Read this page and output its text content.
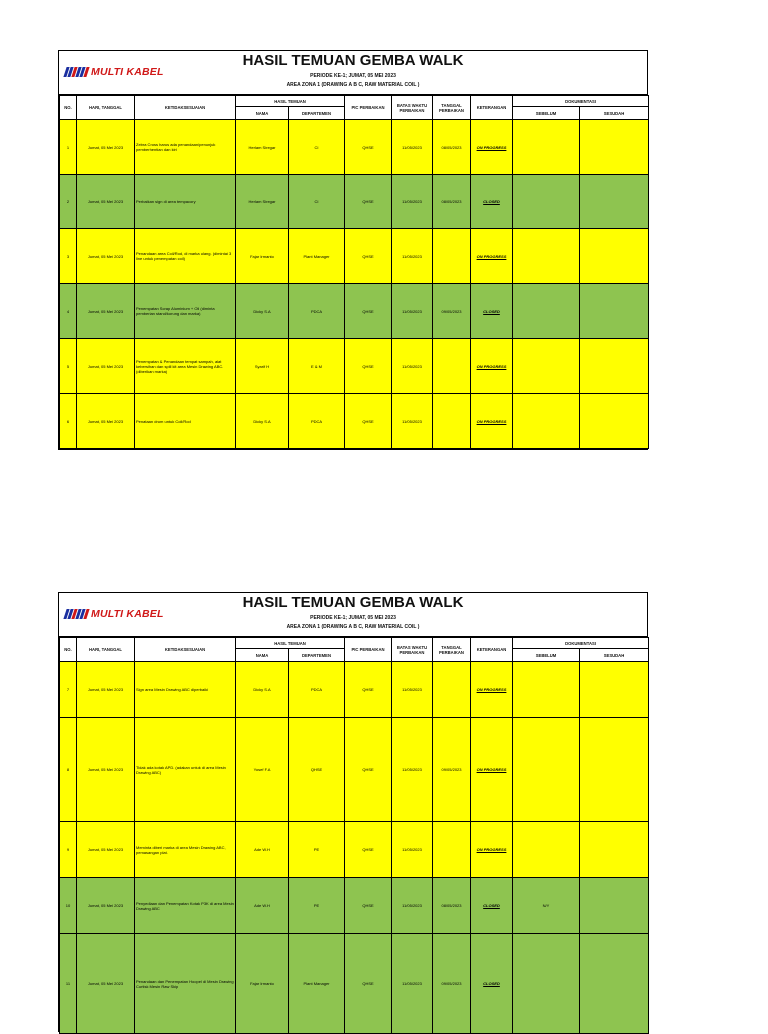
MULTI KABEL
HASIL TEMUAN GEMBA WALK
PERIODE KE-1; JUMAT, 05 MEI 2023
AREA ZONA 1 (DRAWING A B C, RAW MATERIAL COIL )
NO.	HARI, TANGGAL	KETIDAKSESUAIAN	HASIL TEMUAN		PIC PERBAIKAN	BATAS WAKTU PERBAIKAN	TANGGAL PERBAIKAN	KETERANGAN	DOKUMENTASI	
			NAMA	DEPARTEMEN					SEBELUM	SESUDAH
1	Jumat, 05 Mei 2023	Zebra Cross harus ada penandaan/penunjuk pemberhentian dan kiri	Herlam Siregar	CI	QHSE	11/05/2023	08/05/2023	ON PROGRESS	

2	Jumat, 05 Mei 2023	Perbaikan sign di area tempacory	Herlam Siregar	CI	QHSE	11/05/2023	08/05/2023	CLOSED	

3	Jumat, 05 Mei 2023	Penandaan area Coil/Rod, di marka ulang. (dimintai 3 line untuk penempatan coil)	Fajar Irmanto	Plant Manager	QHSE	11/05/2023		ON PROGRESS	

4	Jumat, 05 Mei 2023	Penempatan Scrap Aluminium + Oli (diminta pemberian stand/korung dan marka)	Dicky S.A	PDCA	QHSE	11/05/2023	09/05/2023	CLOSED	

5	Jumat, 05 Mei 2023	Penempatan & Penandaan tempat sampah, alat kebersihan dan spill kit area Mesin Drawing ABC. (diberikan marka)	Syarif H	E & M	QHSE	11/05/2023		ON PROGRESS	

6	Jumat, 05 Mei 2023	Penataan drum untuk Coil/Rod	Dicky S.A	PDCA	QHSE	11/05/2023		ON PROGRESS	

MULTI KABEL
HASIL TEMUAN GEMBA WALK
PERIODE KE-1; JUMAT, 05 MEI 2023
AREA ZONA 1 (DRAWING A B C, RAW MATERIAL COIL )
NO.	HARI, TANGGAL	KETIDAKSESUAIAN	HASIL TEMUAN		PIC PERBAIKAN	BATAS WAKTU PERBAIKAN	TANGGAL PERBAIKAN	KETERANGAN	DOKUMENTASI	
			NAMA	DEPARTEMEN					SEBELUM	SESUDAH
7	Jumat, 05 Mei 2023	Sign area Mesin Drawing ABC diperbaiki	Dicky S.A	PDCA	QHSE	11/05/2023		ON PROGRESS	

8	Jumat, 05 Mei 2023	Tidak ada kotak APD. (adakan untuk di area Mesin Drawing ABC)	Yosef F.A	QHSE	QHSE	11/05/2023	09/05/2023	ON PROGRESS	

9	Jumat, 05 Mei 2023	Meminta diberi marka di area Mesin Drawing ABC, pemasangan plat.	Ade W.H	PE	QHSE	11/05/2023		ON PROGRESS	

10	Jumat, 05 Mei 2023	Penyediaan dan Penempatan Kotak P3K di area Mesin Drawing ABC	Ade W.H	PE	QHSE	11/05/2023	08/05/2023	CLOSED	N/Y	

11	Jumat, 05 Mei 2023	Penandaan dan Penempatan Hoopel di Mesin Drawing Curtisk Mesin Raw Skip	Fajar Irmanto	Plant Manager	QHSE	11/05/2023	09/05/2023	CLOSED	
